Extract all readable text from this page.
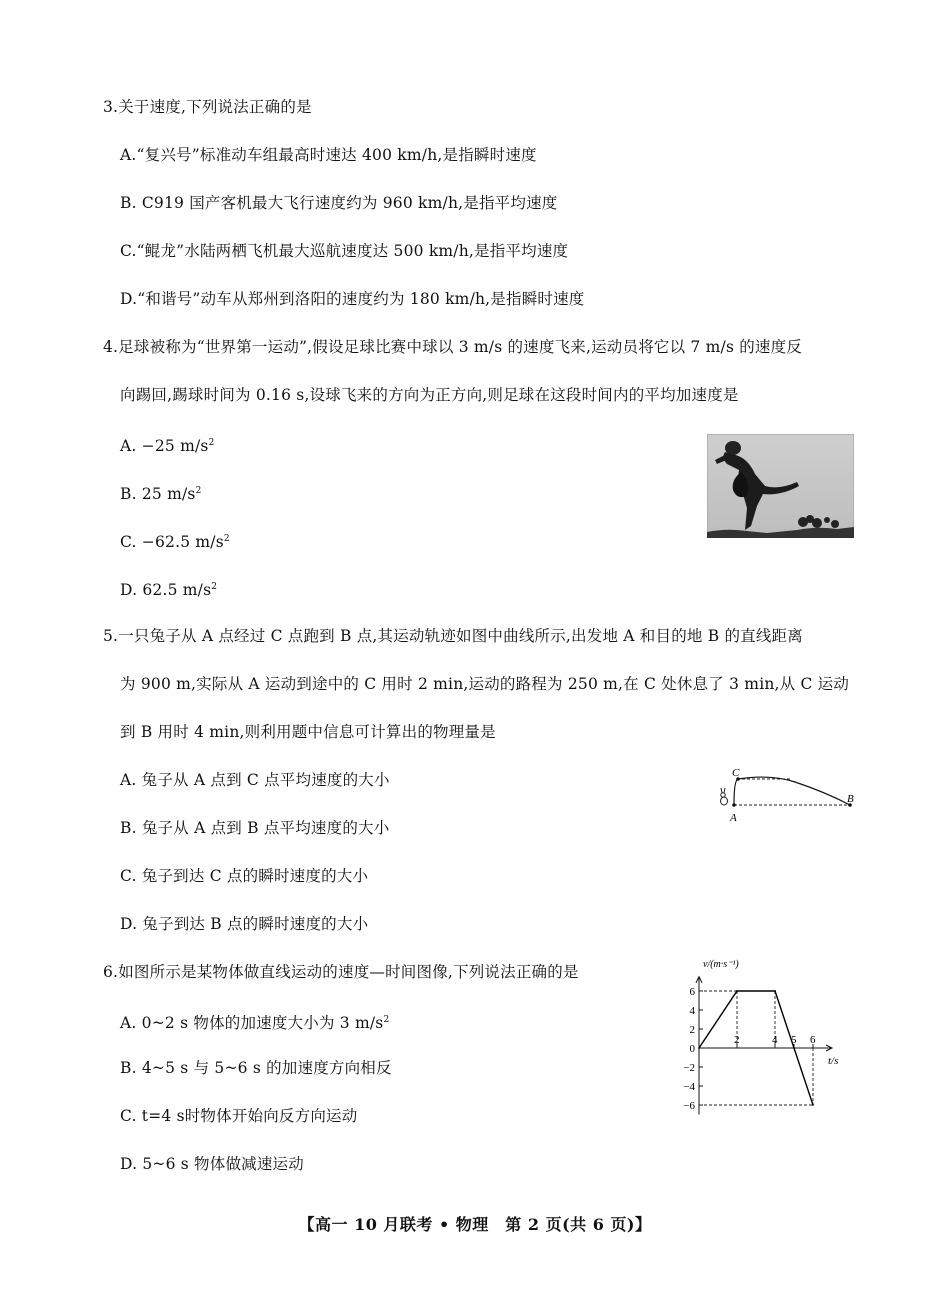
3.关于速度,下列说法正确的是
A.“复兴号”标准动车组最高时速达 400 km/h,是指瞬时速度
B. C919 国产客机最大飞行速度约为 960 km/h,是指平均速度
C.“鲲龙”水陆两栖飞机最大巡航速度达 500 km/h,是指平均速度
D.“和谐号”动车从郑州到洛阳的速度约为 180 km/h,是指瞬时速度
4.足球被称为“世界第一运动”,假设足球比赛中球以 3 m/s 的速度飞来,运动员将它以 7 m/s 的速度反
向踢回,踢球时间为 0.16 s,设球飞来的方向为正方向,则足球在这段时间内的平均加速度是
A. −25 $m/s^2$
B. 25 $m/s^2$
C. −62.5 $m/s^2$
D. 62.5 $m/s^2$
5.一只兔子从 A 点经过 C 点跑到 B 点,其运动轨迹如图中曲线所示,出发地 A 和目的地 B 的直线距离
为 900 m,实际从 A 运动到途中的 C 用时 2 min,运动的路程为 250 m,在 C 处休息了 3 min,从 C 运动
到 B 用时 4 min,则利用题中信息可计算出的物理量是
A. 兔子从 A 点到 C 点平均速度的大小
B. 兔子从 A 点到 B 点平均速度的大小
C. 兔子到达 C 点的瞬时速度的大小
D. 兔子到达 B 点的瞬时速度的大小
A
C
B
6.如图所示是某物体做直线运动的速度—时间图像,下列说法正确的是
A. 0~2 s 物体的加速度大小为 3 $m/s^2$
B. 4~5 s 与 5~6 s 的加速度方向相反
C. t=4 s时物体开始向反方向运动
D. 5~6 s 物体做减速运动
v/(m·s⁻¹)
t/s
6
4
2
0
−2
−4
−6
2	4 5 6
【高一 10 月联考 • 物理　第 2 页(共 6 页)】
